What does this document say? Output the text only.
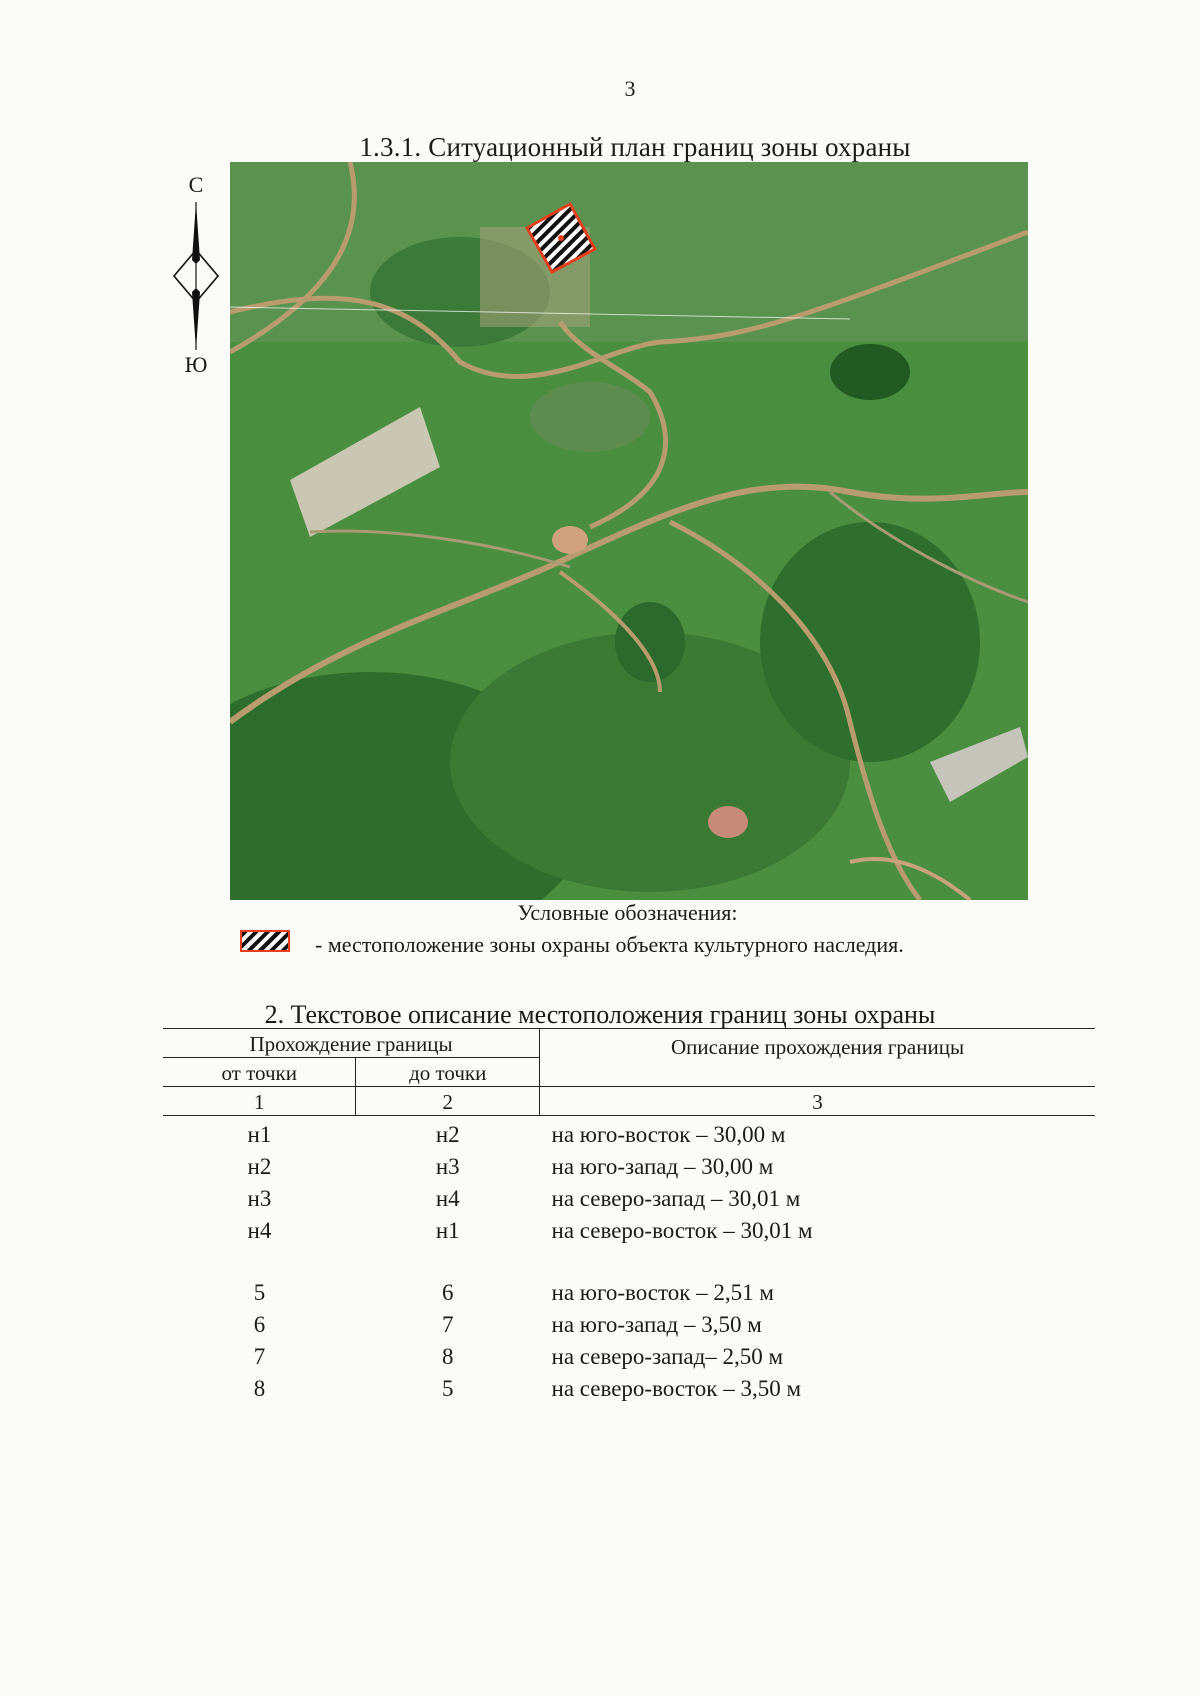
3
1.3.1. Ситуационный план границ зоны охраны
С
Ю
Условные обозначения:
- местоположение зоны охраны объекта культурного наследия.
2. Текстовое описание местоположения границ зоны охраны
Прохождение границы		Описание прохождения границы
от точки	до точки	
1	2	3
н1	н2	на юго-восток – 30,00 м
н2	н3	на юго-запад – 30,00 м
н3	н4	на северо-запад – 30,01 м
н4	н1	на северо-восток – 30,01 м

5	6	на юго-восток – 2,51 м
6	7	на юго-запад – 3,50 м
7	8	на северо-запад– 2,50 м
8	5	на северо-восток – 3,50 м
